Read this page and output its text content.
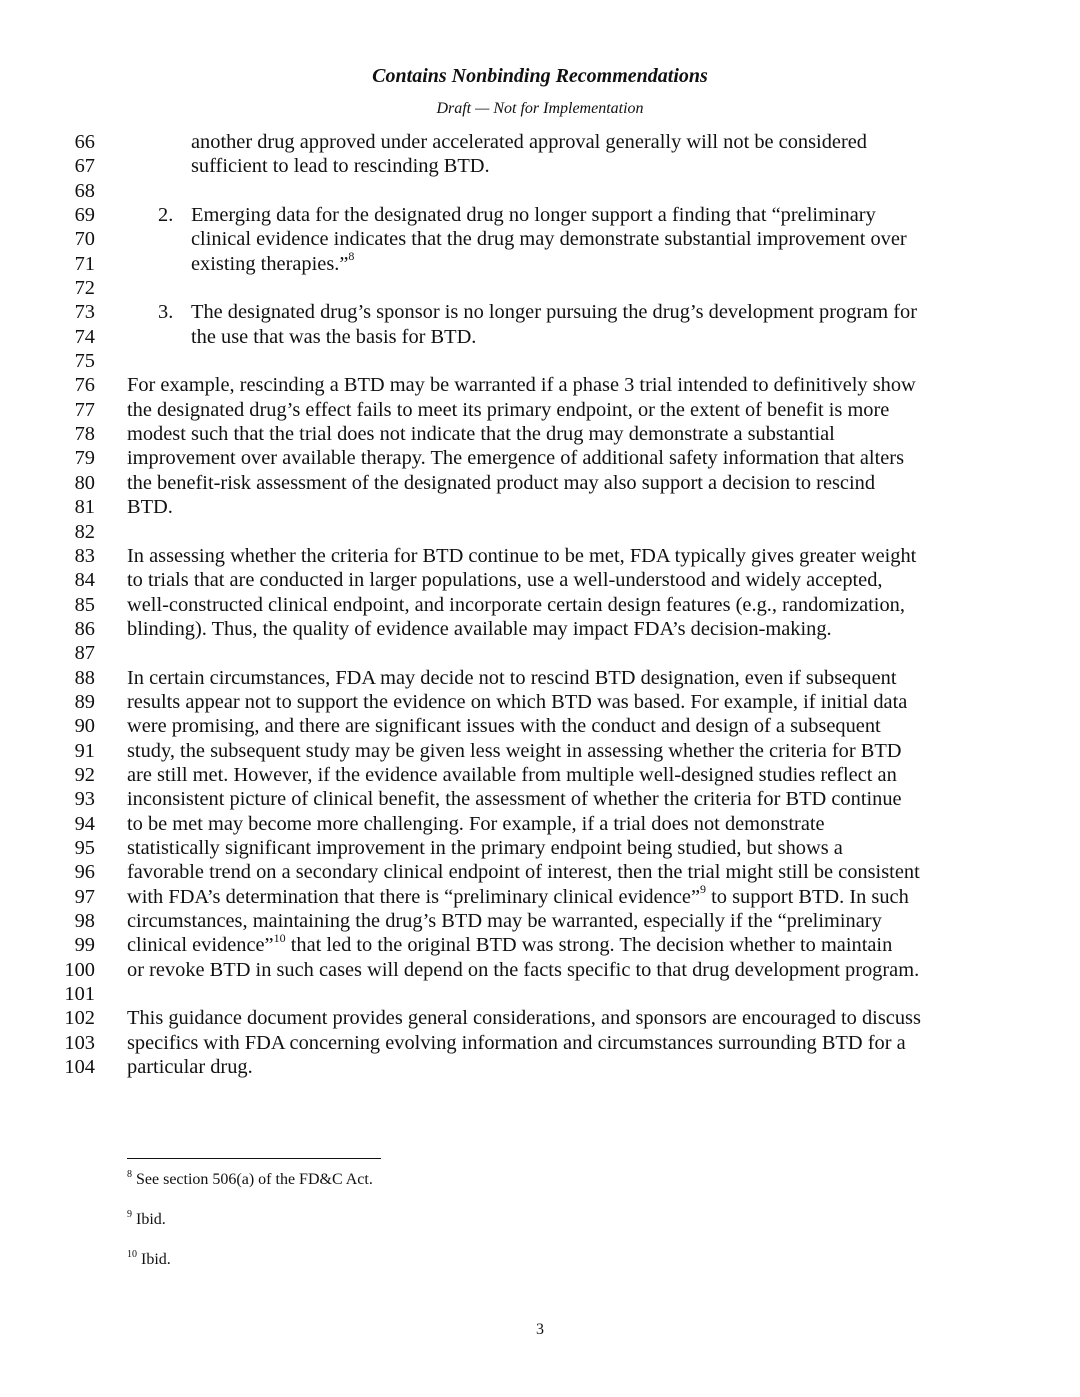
Contains Nonbinding Recommendations
Draft — Not for Implementation
66	another drug approved under accelerated approval generally will not be considered
67	sufficient to lead to rescinding BTD.
68
69	2. Emerging data for the designated drug no longer support a finding that “preliminary
70	clinical evidence indicates that the drug may demonstrate substantial improvement over
71	existing therapies.”$^8$
72
73	3. The designated drug’s sponsor is no longer pursuing the drug’s development program for
74	the use that was the basis for BTD.
75
76 For example, rescinding a BTD may be warranted if a phase 3 trial intended to definitively show
77 the designated drug’s effect fails to meet its primary endpoint, or the extent of benefit is more
78 modest such that the trial does not indicate that the drug may demonstrate a substantial
79 improvement over available therapy. The emergence of additional safety information that alters
80 the benefit-risk assessment of the designated product may also support a decision to rescind
81 BTD.
82
83 In assessing whether the criteria for BTD continue to be met, FDA typically gives greater weight
84 to trials that are conducted in larger populations, use a well-understood and widely accepted,
85 well-constructed clinical endpoint, and incorporate certain design features (e.g., randomization,
86 blinding). Thus, the quality of evidence available may impact FDA’s decision-making.
87
88 In certain circumstances, FDA may decide not to rescind BTD designation, even if subsequent
89 results appear not to support the evidence on which BTD was based. For example, if initial data
90 were promising, and there are significant issues with the conduct and design of a subsequent
91 study, the subsequent study may be given less weight in assessing whether the criteria for BTD
92 are still met. However, if the evidence available from multiple well-designed studies reflect an
93 inconsistent picture of clinical benefit, the assessment of whether the criteria for BTD continue
94 to be met may become more challenging. For example, if a trial does not demonstrate
95 statistically significant improvement in the primary endpoint being studied, but shows a
96 favorable trend on a secondary clinical endpoint of interest, then the trial might still be consistent
97 with FDA’s determination that there is “preliminary clinical evidence”$^9$ to support BTD. In such
98 circumstances, maintaining the drug’s BTD may be warranted, especially if the “preliminary
99 clinical evidence”$^{10}$ that led to the original BTD was strong. The decision whether to maintain
100 or revoke BTD in such cases will depend on the facts specific to that drug development program.
101
102 This guidance document provides general considerations, and sponsors are encouraged to discuss
103 specifics with FDA concerning evolving information and circumstances surrounding BTD for a
104 particular drug.
$^8$ See section 506(a) of the FD&C Act.
$^9$ Ibid.
$^{10}$ Ibid.
3
